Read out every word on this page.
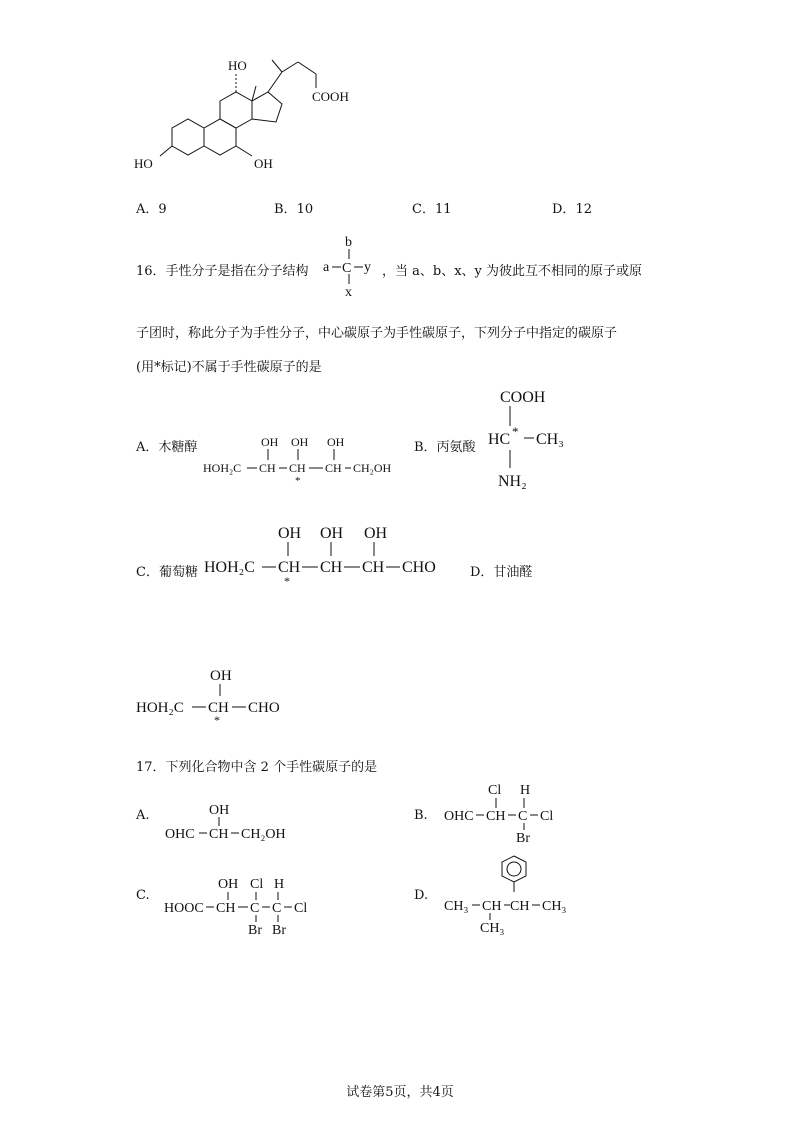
HO
COOH
HO	OH
A．9	B．10	C．11	D．12
16．手性分子是指在分子结构
b
a C y
x
，当 a、b、x、y 为彼此互不相同的原子或原
子团时，称此分子为手性分子，中心碳原子为手性碳原子，下列分子中指定的碳原子
(用*标记)不属于手性碳原子的是
A．木糖醇	OH OH OH
HOH₂C CH CH CH CH₂OH
*
B．丙氨酸
COOH
HC * CH₃
NH₂
C．葡萄糖
OH OH OH
HOH₂C CH CH CH CHO
*
D．甘油醛
OH
HOH₂C CH CHO
*
17．下列化合物中含 2 个手性碳原子的是
A.	OH
OHC CH CH₂OH
B.
Cl H
OHC CH C Cl
Br
C.
OH Cl H
HOOC CH C C Cl
Br Br
D.
CH₃ CH CH CH₃
CH₃
试卷第5页，共4页
